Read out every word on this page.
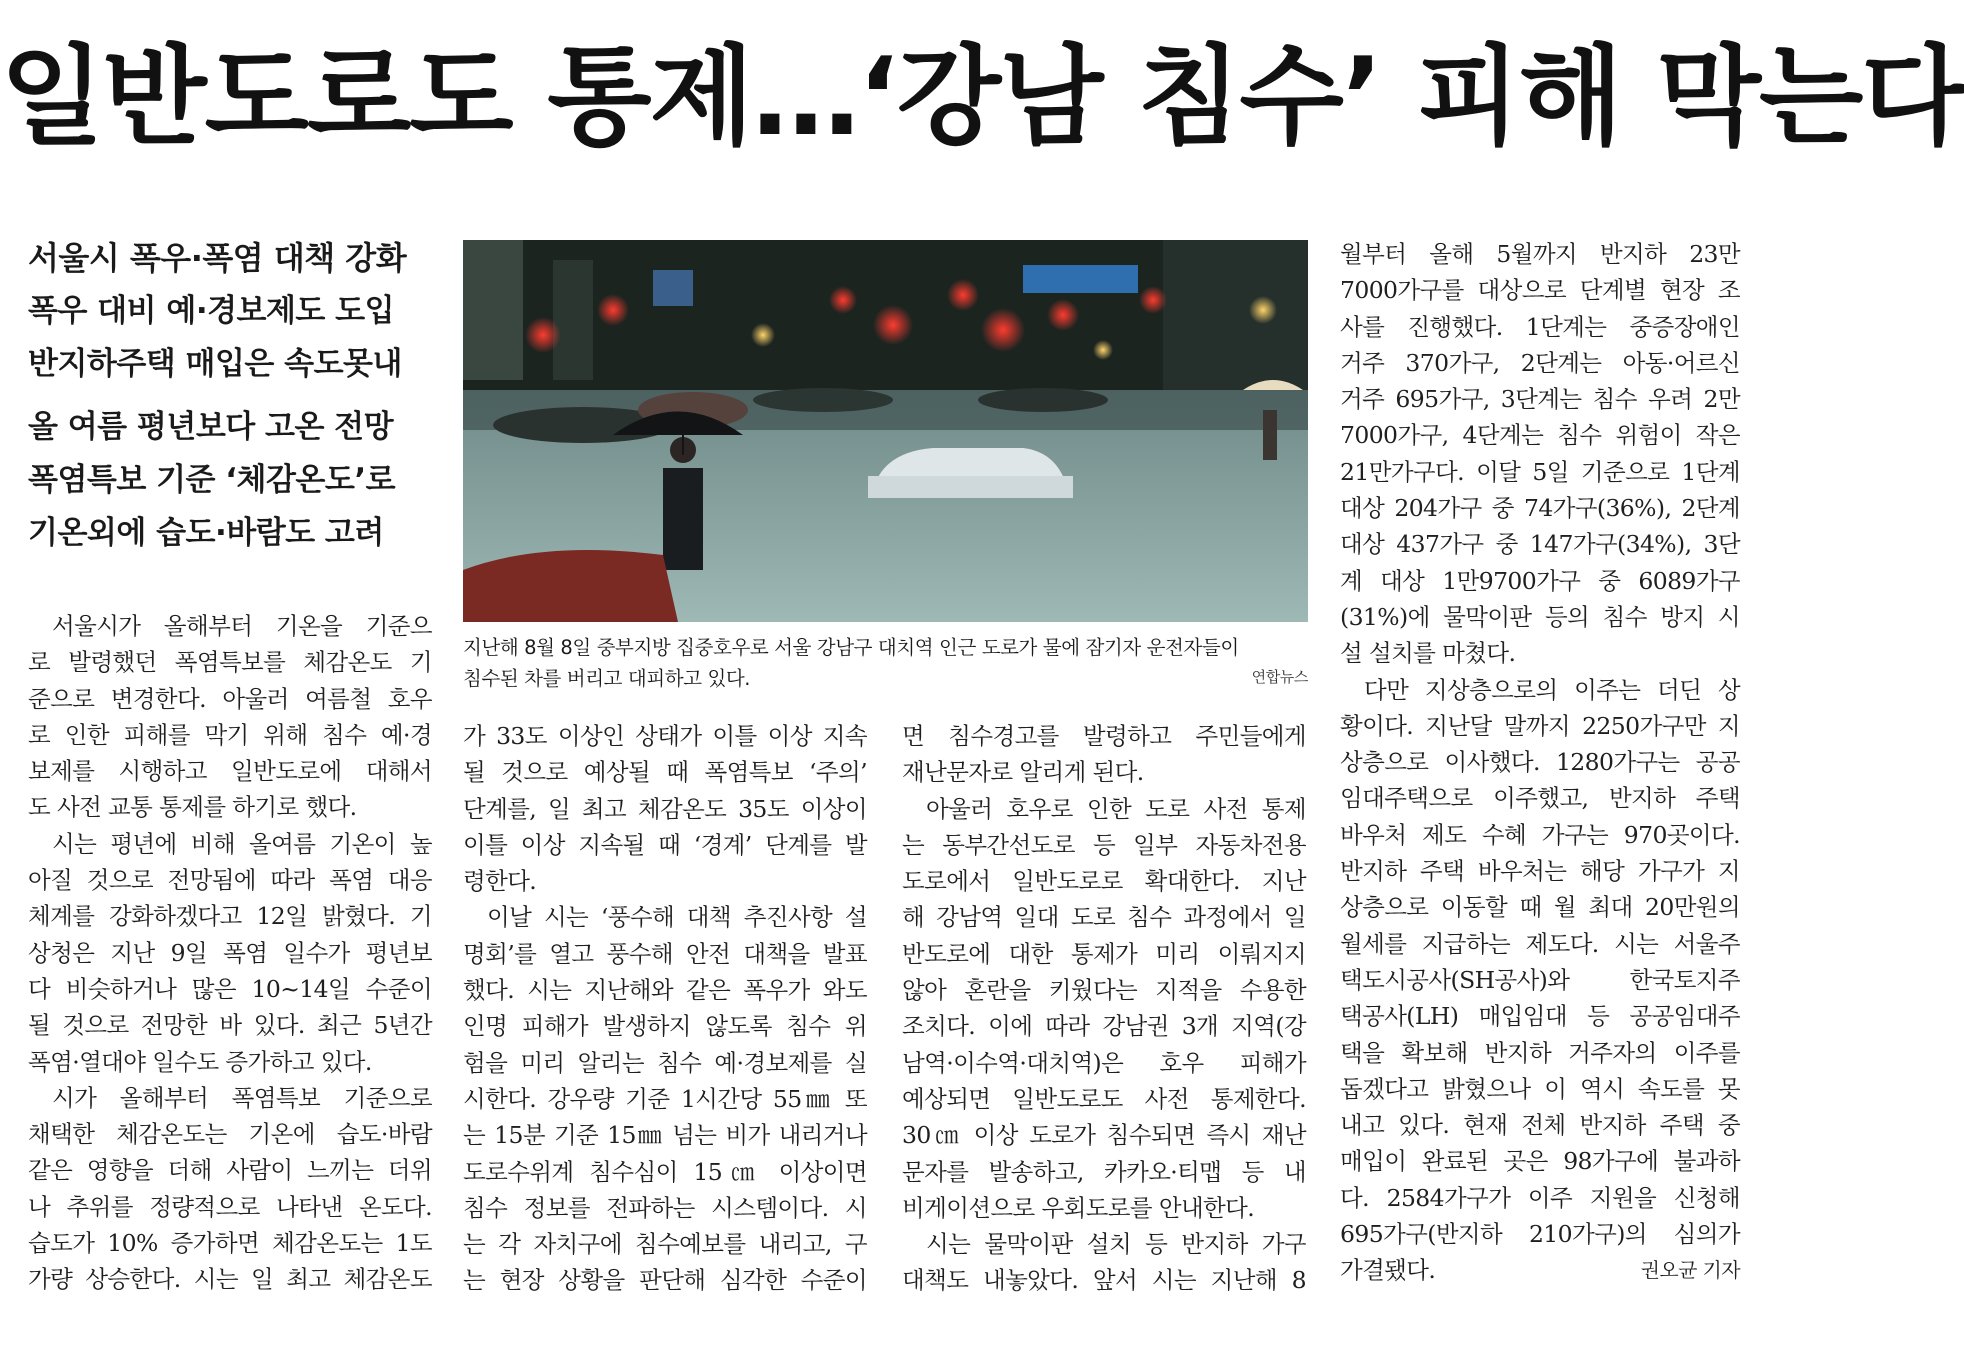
일반도로도 통제…‘강남 침수’ 피해 막는다
서울시 폭우·폭염 대책 강화
폭우 대비 예·경보제도 도입
반지하주택 매입은 속도못내
올 여름 평년보다 고온 전망
폭염특보 기준 ‘체감온도’로
기온외에 습도·바람도 고려
지난해 8월 8일 중부지방 집중호우로 서울 강남구 대치역 인근 도로가 물에 잠기자 운전자들이
침수된 차를 버리고 대피하고 있다.	연합뉴스
서울시가 올해부터 기온을 기준으
로 발령했던 폭염특보를 체감온도 기
준으로 변경한다. 아울러 여름철 호우
로 인한 피해를 막기 위해 침수 예·경
보제를 시행하고 일반도로에 대해서
도 사전 교통 통제를 하기로 했다.
시는 평년에 비해 올여름 기온이 높
아질 것으로 전망됨에 따라 폭염 대응
체계를 강화하겠다고 12일 밝혔다. 기
상청은 지난 9일 폭염 일수가 평년보
다 비슷하거나 많은 10~14일 수준이
될 것으로 전망한 바 있다. 최근 5년간
폭염·열대야 일수도 증가하고 있다.
시가 올해부터 폭염특보 기준으로
채택한 체감온도는 기온에 습도·바람
같은 영향을 더해 사람이 느끼는 더위
나 추위를 정량적으로 나타낸 온도다.
습도가 10% 증가하면 체감온도는 1도
가량 상승한다. 시는 일 최고 체감온도
가 33도 이상인 상태가 이틀 이상 지속
될 것으로 예상될 때 폭염특보 ‘주의’
단계를, 일 최고 체감온도 35도 이상이
이틀 이상 지속될 때 ‘경계’ 단계를 발
령한다.
이날 시는 ‘풍수해 대책 추진사항 설
명회’를 열고 풍수해 안전 대책을 발표
했다. 시는 지난해와 같은 폭우가 와도
인명 피해가 발생하지 않도록 침수 위
험을 미리 알리는 침수 예·경보제를 실
시한다. 강우량 기준 1시간당 55㎜ 또
는 15분 기준 15㎜ 넘는 비가 내리거나
도로수위계 침수심이 15㎝ 이상이면
침수 정보를 전파하는 시스템이다. 시
는 각 자치구에 침수예보를 내리고, 구
는 현장 상황을 판단해 심각한 수준이
면 침수경고를 발령하고 주민들에게
재난문자로 알리게 된다.
아울러 호우로 인한 도로 사전 통제
는 동부간선도로 등 일부 자동차전용
도로에서 일반도로로 확대한다. 지난
해 강남역 일대 도로 침수 과정에서 일
반도로에 대한 통제가 미리 이뤄지지
않아 혼란을 키웠다는 지적을 수용한
조치다. 이에 따라 강남권 3개 지역(강
남역·이수역·대치역)은 호우 피해가
예상되면 일반도로도 사전 통제한다.
30㎝ 이상 도로가 침수되면 즉시 재난
문자를 발송하고, 카카오·티맵 등 내
비게이션으로 우회도로를 안내한다.
시는 물막이판 설치 등 반지하 가구
대책도 내놓았다. 앞서 시는 지난해 8
월부터 올해 5월까지 반지하 23만
7000가구를 대상으로 단계별 현장 조
사를 진행했다. 1단계는 중증장애인
거주 370가구, 2단계는 아동·어르신
거주 695가구, 3단계는 침수 우려 2만
7000가구, 4단계는 침수 위험이 작은
21만가구다. 이달 5일 기준으로 1단계
대상 204가구 중 74가구(36%), 2단계
대상 437가구 중 147가구(34%), 3단
계 대상 1만9700가구 중 6089가구
(31%)에 물막이판 등의 침수 방지 시
설 설치를 마쳤다.
다만 지상층으로의 이주는 더딘 상
황이다. 지난달 말까지 2250가구만 지
상층으로 이사했다. 1280가구는 공공
임대주택으로 이주했고, 반지하 주택
바우처 제도 수혜 가구는 970곳이다.
반지하 주택 바우처는 해당 가구가 지
상층으로 이동할 때 월 최대 20만원의
월세를 지급하는 제도다. 시는 서울주
택도시공사(SH공사)와 한국토지주
택공사(LH) 매입임대 등 공공임대주
택을 확보해 반지하 거주자의 이주를
돕겠다고 밝혔으나 이 역시 속도를 못
내고 있다. 현재 전체 반지하 주택 중
매입이 완료된 곳은 98가구에 불과하
다. 2584가구가 이주 지원을 신청해
695가구(반지하 210가구)의 심의가
가결됐다.	권오균 기자
